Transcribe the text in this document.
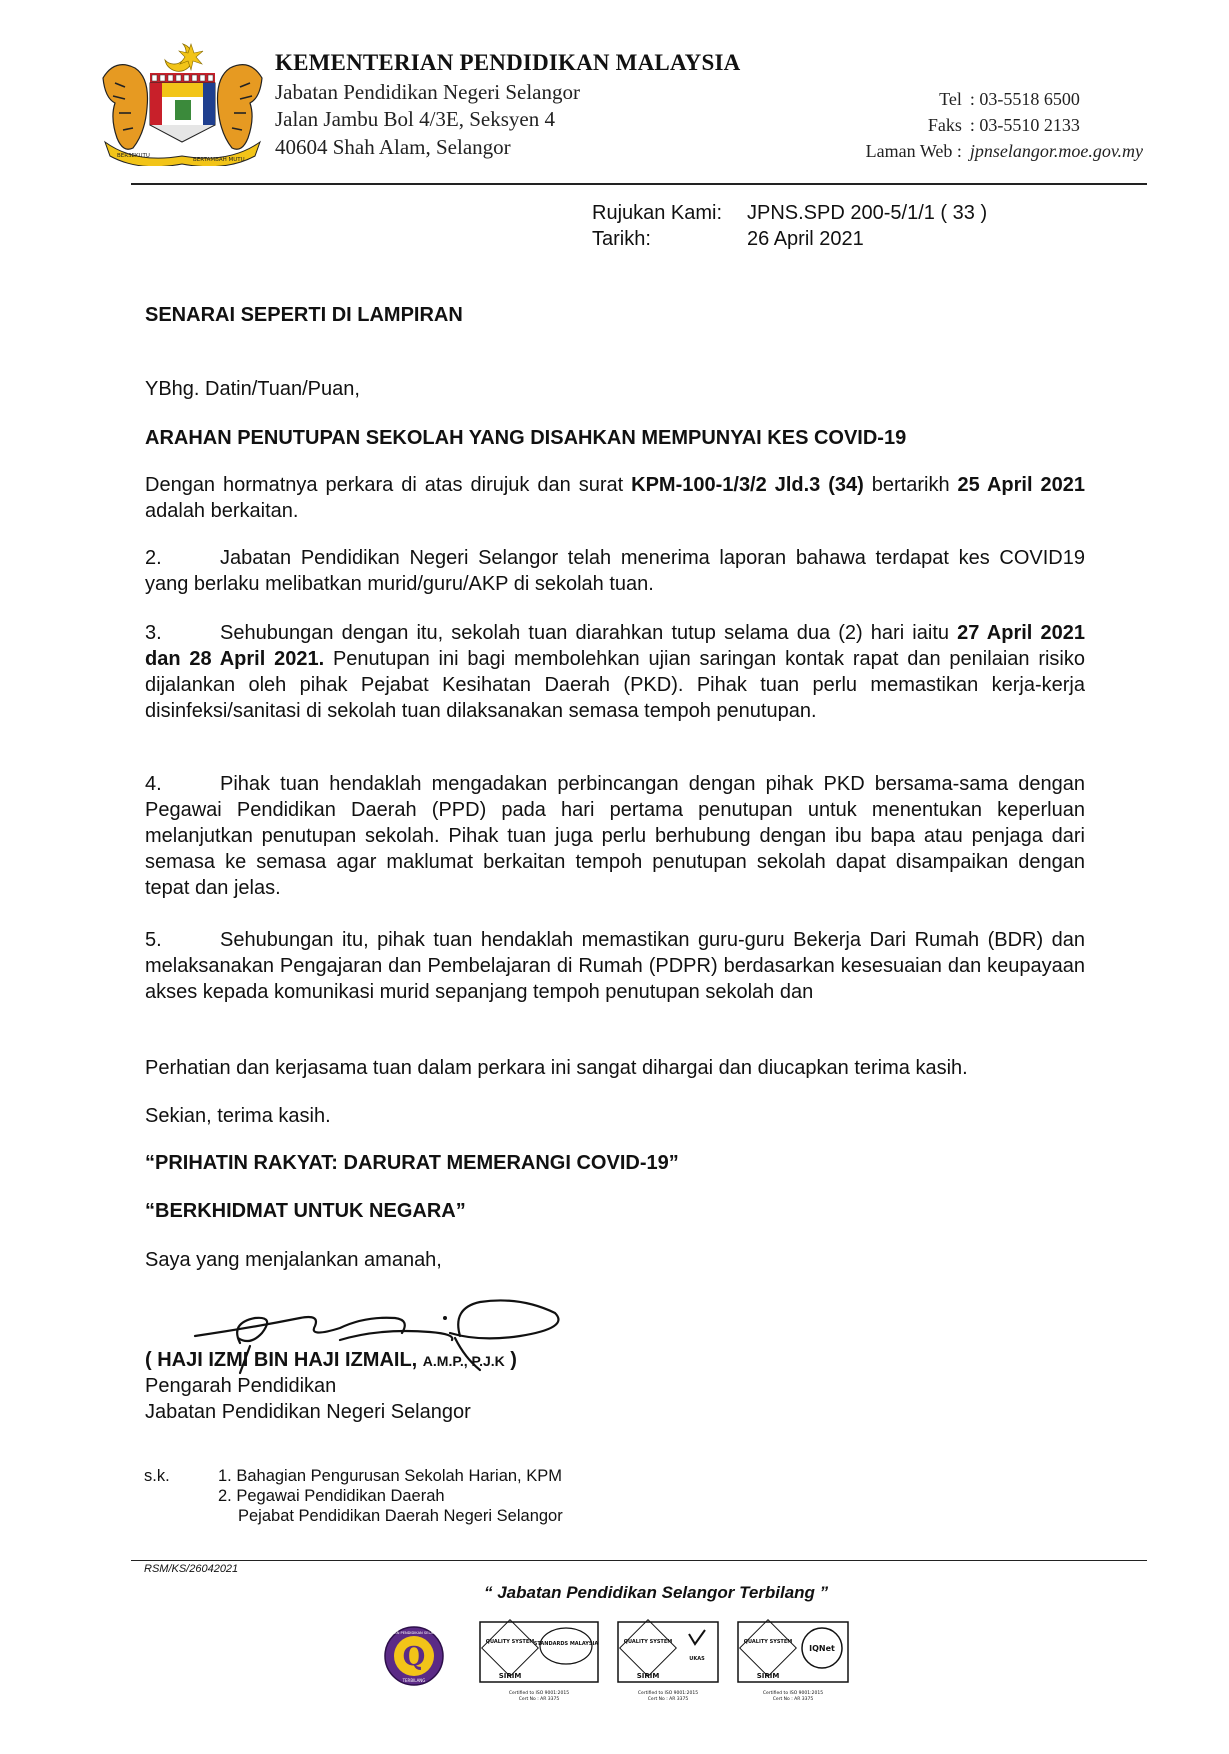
BERSEKUTU
BERTAMBAH MUTU
KEMENTERIAN PENDIDIKAN MALAYSIA
Jabatan Pendidikan Negeri Selangor
Jalan Jambu Bol 4/3E, Seksyen 4
40604 Shah Alam, Selangor
Tel : 03-5518 6500
Faks : 03-5510 2133
Laman Web : jpnselangor.moe.gov.my
Rujukan Kami:	JPNS.SPD 200-5/1/1 ( 33 )
Tarikh:	26 April 2021
SENARAI SEPERTI DI LAMPIRAN
YBhg. Datin/Tuan/Puan,
ARAHAN PENUTUPAN SEKOLAH YANG DISAHKAN MEMPUNYAI KES COVID-19
Dengan hormatnya perkara di atas dirujuk dan surat KPM-100-1/3/2 Jld.3 (34) bertarikh 25 April 2021 adalah berkaitan.
2.	Jabatan Pendidikan Negeri Selangor telah menerima laporan bahawa terdapat kes COVID19 yang berlaku melibatkan murid/guru/AKP di sekolah tuan.
3.	Sehubungan dengan itu, sekolah tuan diarahkan tutup selama dua (2) hari iaitu 27 April 2021 dan 28 April 2021. Penutupan ini bagi membolehkan ujian saringan kontak rapat dan penilaian risiko dijalankan oleh pihak Pejabat Kesihatan Daerah (PKD). Pihak tuan perlu memastikan kerja-kerja disinfeksi/sanitasi di sekolah tuan dilaksanakan semasa tempoh penutupan.
4.	Pihak tuan hendaklah mengadakan perbincangan dengan pihak PKD bersama-sama dengan Pegawai Pendidikan Daerah (PPD) pada hari pertama penutupan untuk menentukan keperluan melanjutkan penutupan sekolah. Pihak tuan juga perlu berhubung dengan ibu bapa atau penjaga dari semasa ke semasa agar maklumat berkaitan tempoh penutupan sekolah dapat disampaikan dengan tepat dan jelas.
5.	Sehubungan itu, pihak tuan hendaklah memastikan guru-guru Bekerja Dari Rumah (BDR) dan melaksanakan Pengajaran dan Pembelajaran di Rumah (PDPR) berdasarkan kesesuaian dan keupayaan akses kepada komunikasi murid sepanjang tempoh penutupan sekolah dan
Perhatian dan kerjasama tuan dalam perkara ini sangat dihargai dan diucapkan terima kasih.
Sekian, terima kasih.
“PRIHATIN RAKYAT: DARURAT MEMERANGI COVID-19”
“BERKHIDMAT UNTUK NEGARA”
Saya yang menjalankan amanah,
( HAJI IZMI BIN HAJI IZMAIL, A.M.P., P.J.K )
Pengarah Pendidikan
Jabatan Pendidikan Negeri Selangor
s.k.	1. Bahagian Pengurusan Sekolah Harian, KPM
2. Pegawai Pendidikan Daerah
Pejabat Pendidikan Daerah Negeri Selangor
RSM/KS/26042021
“ Jabatan Pendidikan Selangor Terbilang ”
Q
JABATAN PENDIDIKAN SELANGOR
TERBILANG
QUALITY SYSTEM
SIRIM
STANDARDS MALAYSIA
Certified to ISO 9001:2015
Cert No : AR 3375
QUALITY SYSTEM
SIRIM
UKAS
Certified to ISO 9001:2015
Cert No : AR 3375
QUALITY SYSTEM
SIRIM
IQNet
Certified to ISO 9001:2015
Cert No : AR 3375
